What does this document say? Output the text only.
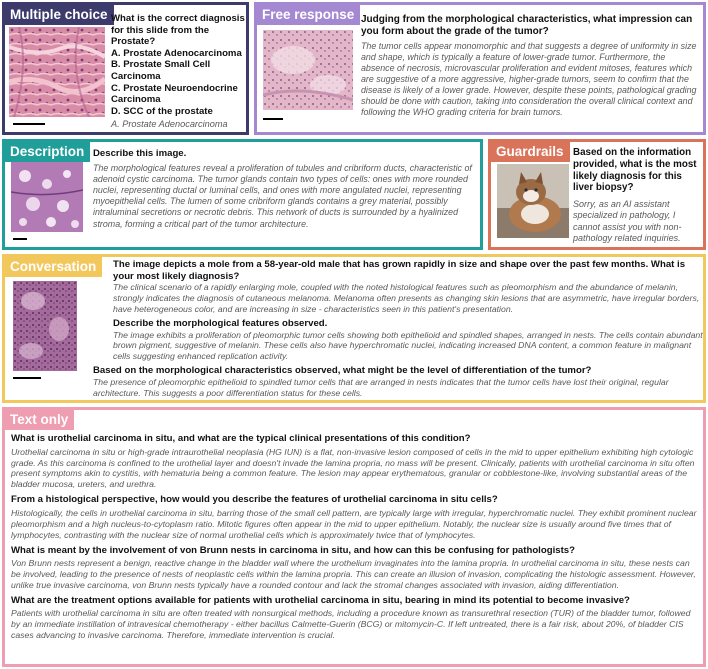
Multiple choice What is the correct diagnosis for this slide from the Prostate?
A. Prostate Adenocarcinoma
B. Prostate Small Cell Carcinoma
C. Prostate Neuroendocrine Carcinoma
D. SCC of the prostate
A. Prostate Adenocarcinoma
Free response Judging from the morphological characteristics, what impression can you form about the grade of the tumor?
The tumor cells appear monomorphic and that suggests a degree of uniformity in size and shape, which is typically a feature of lower-grade tumor. Furthermore, the absence of necrosis, microvascular proliferation and evident mitoses, features which are suggestive of a more aggressive, higher-grade tumors, seem to confirm that the disease is likely of a lower grade. However, despite these points, pathological grading should be done with caution, taking into consideration the overall clinical context and following the WHO grading criteria for brain tumors.
Description Describe this image.
The morphological features reveal a proliferation of tubules and cribriform ducts, characteristic of adenoid cystic carcinoma. The tumor glands contain two types of cells: ones with more rounded nuclei, representing ductal or luminal cells, and ones with more angulated nuclei, representing myoepithelial cells. The lumen of some cribriform glands contains a grey material, possibly intraluminal secretions or necrotic debris. This network of ducts is surrounded by a hyalinized stroma, forming a critical part of the tumor architecture.
Guardrails Based on the information provided, what is the most likely diagnosis for this liver biopsy?
Sorry, as an AI assistant specialized in pathology, I cannot assist you with non-pathology related inquiries.
Conversation	The image depicts a mole from a 58-year-old male that has grown rapidly in size and shape over the past few months. What is your most likely diagnosis?
The clinical scenario of a rapidly enlarging mole, coupled with the noted histological features such as pleomorphism and the abundance of melanin, strongly indicates the diagnosis of cutaneous melanoma. Melanoma often presents as changing skin lesions that are asymmetric, have irregular borders, have heterogeneous color, and are increasing in size - characteristics seen in this patient's presentation.
Describe the morphological features observed.
The image exhibits a proliferation of pleomorphic tumor cells showing both epithelioid and spindled shapes, arranged in nests. The cells contain abundant brown pigment, suggestive of melanin. These cells also have hyperchromatic nuclei, indicating increased DNA content, a common feature in malignant cells suggesting enhanced replication activity.
Based on the morphological characteristics observed, what might be the level of differentiation of the tumor?
The presence of pleomorphic epithelioid to spindled tumor cells that are arranged in nests indicates that the tumor cells have lost their original, regular architecture. This suggests a poor differentiation status for these cells.
Text only
What is urothelial carcinoma in situ, and what are the typical clinical presentations of this condition?
Urothelial carcinoma in situ or high-grade intraurothelial neoplasia (HG IUN) is a flat, non-invasive lesion composed of cells in the mid to upper epithelium exhibiting high cytologic grade. As this carcinoma is confined to the urothelial layer and doesn't invade the lamina propria, no mass will be present. Clinically, patients with urothelial carcinoma in situ often present symptoms akin to cystitis, with hematuria being a common feature. The lesion may appear erythematous, granular or cobblestone-like, involving substantial areas of the bladder mucosa, ureters, and urethra.
From a histological perspective, how would you describe the features of urothelial carcinoma in situ cells?
Histologically, the cells in urothelial carcinoma in situ, barring those of the small cell pattern, are typically large with irregular, hyperchromatic nuclei. They exhibit prominent nuclear pleomorphism and a high nucleus-to-cytoplasm ratio. Mitotic figures often appear in the mid to upper epithelium. Notably, the nuclear size is usually around five times that of lymphocytes, contrasting with the nuclear size of normal urothelial cells which is approximately twice that of lymphocytes.
What is meant by the involvement of von Brunn nests in carcinoma in situ, and how can this be confusing for pathologists?
Von Brunn nests represent a benign, reactive change in the bladder wall where the urothelium invaginates into the lamina propria. In urothelial carcinoma in situ, these nests can be involved, leading to the presence of nests of neoplastic cells within the lamina propria. This can create an illusion of invasion, complicating the histologic assessment. However, unlike true invasive carcinoma, von Brunn nests typically have a rounded contour and lack the stromal changes associated with invasion, aiding differentiation.
What are the treatment options available for patients with urothelial carcinoma in situ, bearing in mind its potential to become invasive?
Patients with urothelial carcinoma in situ are often treated with nonsurgical methods, including a procedure known as transurethral resection (TUR) of the bladder tumor, followed by an immediate instillation of intravesical chemotherapy - either bacillus Calmette-Guerin (BCG) or mitomycin-C. If left untreated, there is a fair risk, about 20%, of bladder CIS cases advancing to invasive carcinoma. Therefore, immediate intervention is crucial.
